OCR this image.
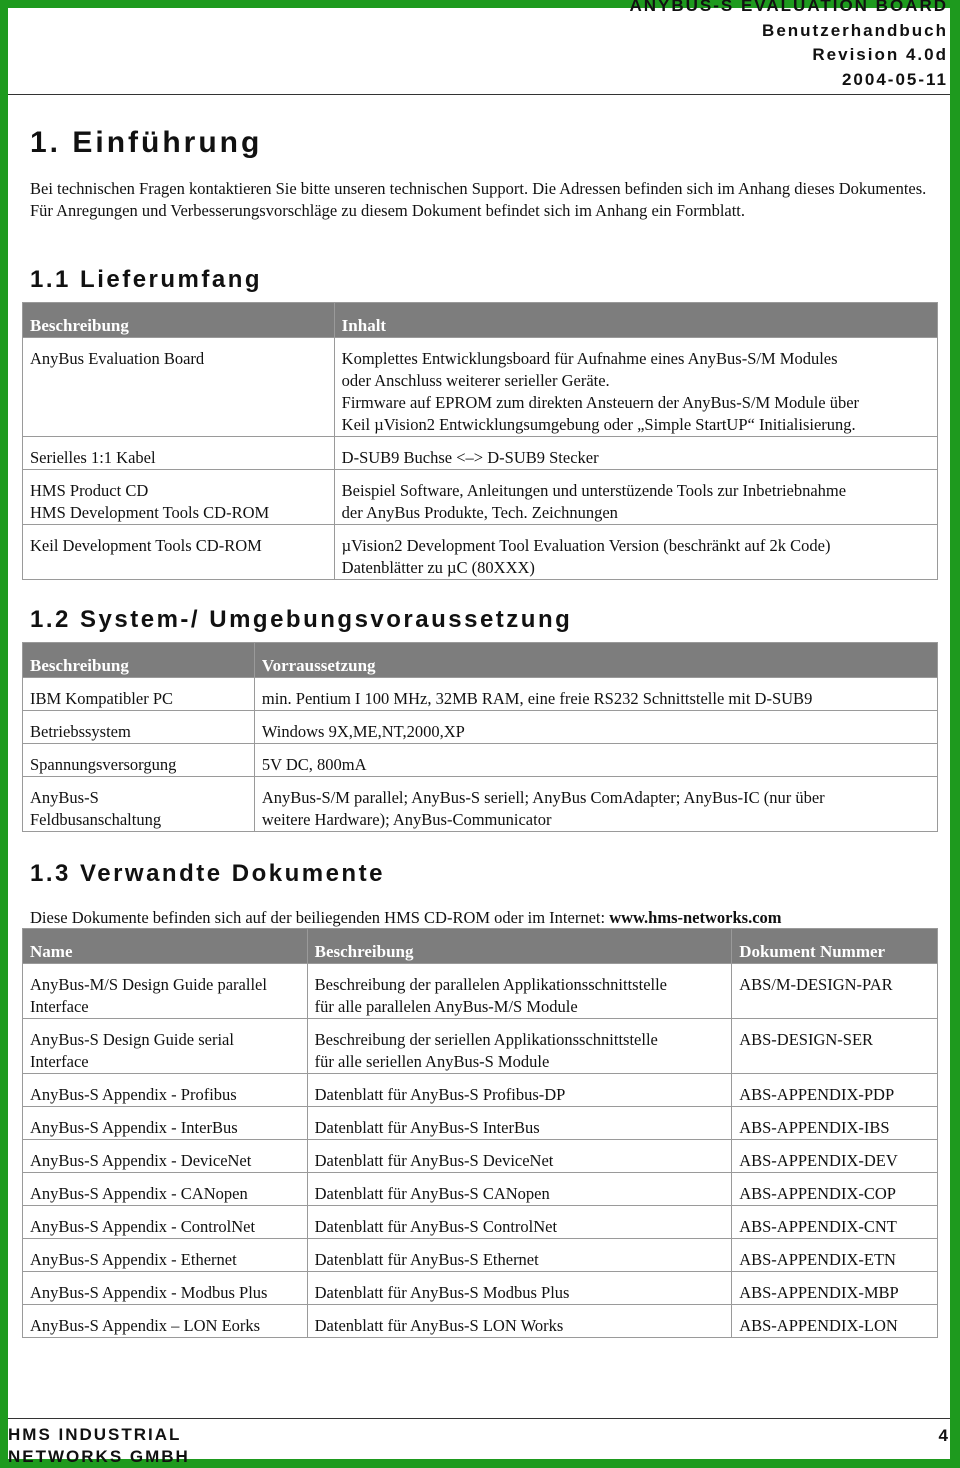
ANYBUS-S EVALUATION BOARD
Benutzerhandbuch
Revision 4.0d
2004-05-11
1. Einführung

Bei technischen Fragen kontaktieren Sie bitte unseren technischen Support. Die Adressen befinden sich im Anhang dieses Dokumentes. Für Anregungen und Verbesserungsvorschläge zu diesem Dokument befindet sich im Anhang ein Formblatt.

1.1 Lieferumfang
Beschreibung	Inhalt

AnyBus Evaluation Board	Komplettes Entwicklungsboard für Aufnahme eines AnyBus-S/M Modules
oder Anschluss weiterer serieller Geräte.
Firmware auf EPROM zum direkten Ansteuern der AnyBus-S/M Module über
Keil µVision2 Entwicklungsumgebung oder „Simple StartUP“ Initialisierung.

Serielles 1:1 Kabel	D-SUB9 Buchse <–> D-SUB9 Stecker

HMS Product CD
HMS Development Tools CD-ROM	Beispiel Software, Anleitungen und unterstüzende Tools zur Inbetriebnahme
der AnyBus Produkte, Tech. Zeichnungen

Keil Development Tools CD-ROM	µVision2 Development Tool Evaluation Version (beschränkt auf 2k Code)
Datenblätter zu µC (80XXX)
1.2 System-/ Umgebungsvoraussetzung
Beschreibung	Vorraussetzung

IBM Kompatibler PC	min. Pentium I 100 MHz, 32MB RAM, eine freie RS232 Schnittstelle mit D-SUB9

Betriebssystem	Windows 9X,ME,NT,2000,XP

Spannungsversorgung	5V DC, 800mA

AnyBus-S
Feldbusanschaltung	AnyBus-S/M parallel; AnyBus-S seriell; AnyBus ComAdapter; AnyBus-IC (nur über
weitere Hardware); AnyBus-Communicator
1.3 Verwandte Dokumente

Diese Dokumente befinden sich auf der beiliegenden HMS CD-ROM oder im Internet: www.hms-networks.com

Name	Beschreibung	Dokument Nummer

AnyBus-M/S Design Guide parallel
Interface	Beschreibung der parallelen Applikationsschnittstelle
für alle parallelen AnyBus-M/S Module	ABS/M-DESIGN-PAR

AnyBus-S Design Guide serial
Interface	Beschreibung der seriellen Applikationsschnittstelle
für alle seriellen AnyBus-S Module	ABS-DESIGN-SER

AnyBus-S Appendix - Profibus	Datenblatt für AnyBus-S Profibus-DP	ABS-APPENDIX-PDP

AnyBus-S Appendix - InterBus	Datenblatt für AnyBus-S InterBus	ABS-APPENDIX-IBS

AnyBus-S Appendix - DeviceNet	Datenblatt für AnyBus-S DeviceNet	ABS-APPENDIX-DEV

AnyBus-S Appendix - CANopen	Datenblatt für AnyBus-S CANopen	ABS-APPENDIX-COP

AnyBus-S Appendix - ControlNet	Datenblatt für AnyBus-S ControlNet	ABS-APPENDIX-CNT

AnyBus-S Appendix - Ethernet	Datenblatt für AnyBus-S Ethernet	ABS-APPENDIX-ETN

AnyBus-S Appendix - Modbus Plus	Datenblatt für AnyBus-S Modbus Plus	ABS-APPENDIX-MBP

AnyBus-S Appendix – LON Eorks	Datenblatt für AnyBus-S LON Works	ABS-APPENDIX-LON
HMS INDUSTRIAL
NETWORKS GMBH
4
